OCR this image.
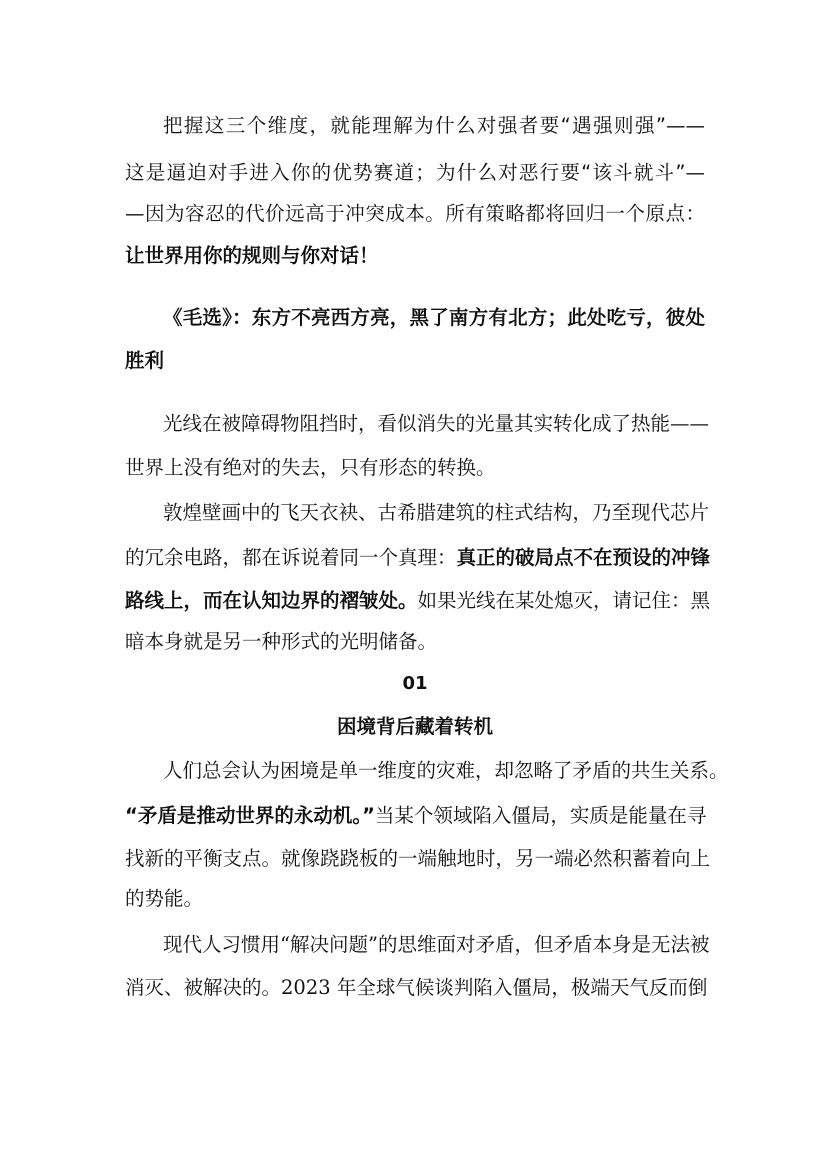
把握这三个维度，就能理解为什么对强者要“遇强则强”——
这是逼迫对手进入你的优势赛道；为什么对恶行要“该斗就斗”—
—因为容忍的代价远高于冲突成本。所有策略都将回归一个原点：
让世界用你的规则与你对话！
《毛选》：东方不亮西方亮，黑了南方有北方；此处吃亏，彼处
胜利
光线在被障碍物阻挡时，看似消失的光量其实转化成了热能——
世界上没有绝对的失去，只有形态的转换。
敦煌壁画中的飞天衣袂、古希腊建筑的柱式结构，乃至现代芯片
的冗余电路，都在诉说着同一个真理：真正的破局点不在预设的冲锋
路线上，而在认知边界的褶皱处。如果光线在某处熄灭，请记住：黑
暗本身就是另一种形式的光明储备。
01
困境背后藏着转机
人们总会认为困境是单一维度的灾难，却忽略了矛盾的共生关系。
“矛盾是推动世界的永动机。”当某个领域陷入僵局，实质是能量在寻
找新的平衡支点。就像跷跷板的一端触地时，另一端必然积蓄着向上
的势能。
现代人习惯用“解决问题”的思维面对矛盾，但矛盾本身是无法被
消灭、被解决的。2023 年全球气候谈判陷入僵局，极端天气反而倒
